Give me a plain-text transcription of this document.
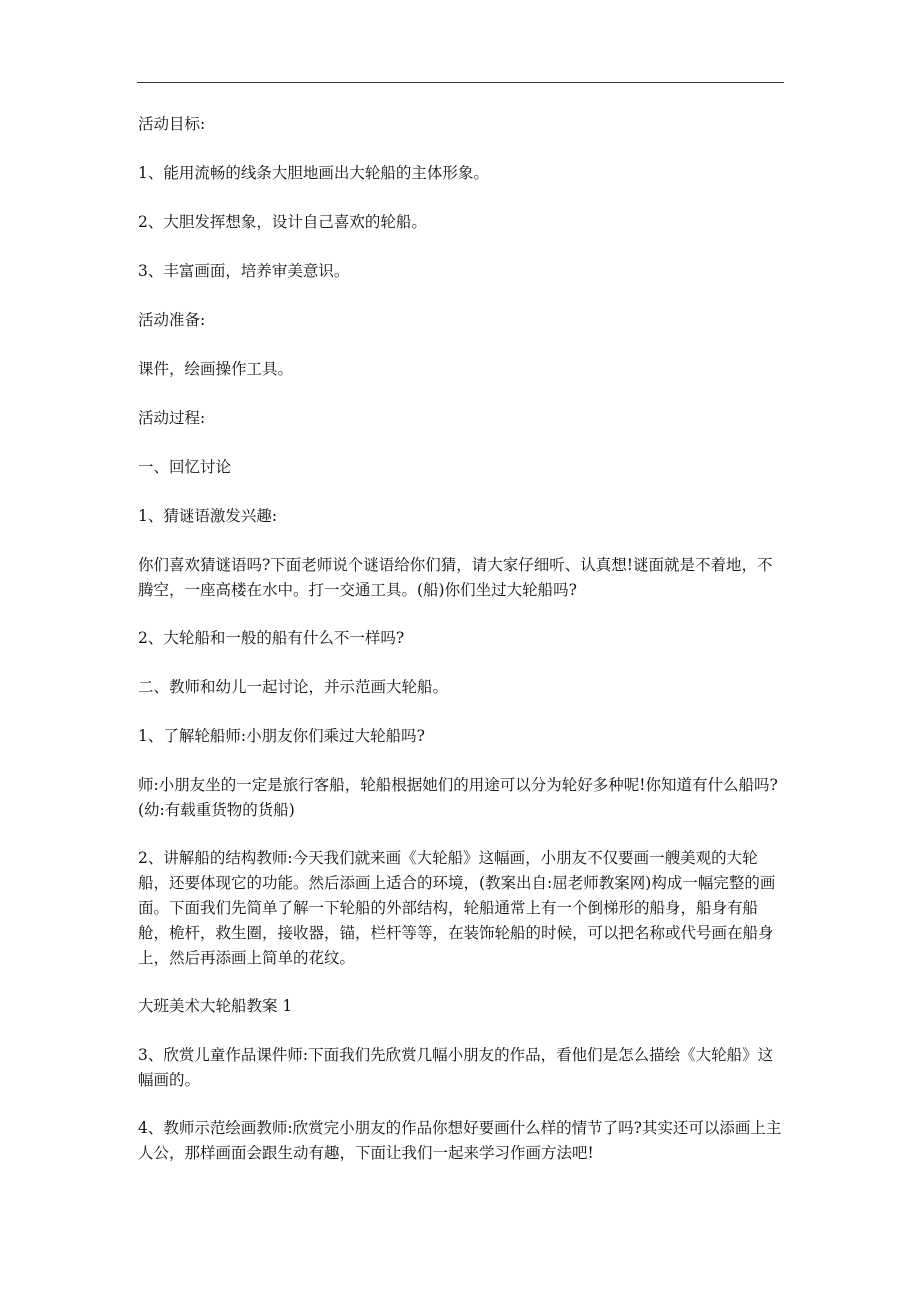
活动目标:

1、能用流畅的线条大胆地画出大轮船的主体形象。

2、大胆发挥想象，设计自己喜欢的轮船。

3、丰富画面，培养审美意识。

活动准备:

课件，绘画操作工具。

活动过程:

一、回忆讨论

1、猜谜语激发兴趣:

你们喜欢猜谜语吗?下面老师说个谜语给你们猜，请大家仔细听、认真想!谜面就是不着地，不腾空，一座高楼在水中。打一交通工具。(船)你们坐过大轮船吗?

2、大轮船和一般的船有什么不一样吗?

二、教师和幼儿一起讨论，并示范画大轮船。

1、了解轮船师:小朋友你们乘过大轮船吗?

师:小朋友坐的一定是旅行客船，轮船根据她们的用途可以分为轮好多种呢!你知道有什么船吗?(幼:有载重货物的货船)

2、讲解船的结构教师:今天我们就来画《大轮船》这幅画，小朋友不仅要画一艘美观的大轮船，还要体现它的功能。然后添画上适合的环境，(教案出自:屈老师教案网)构成一幅完整的画面。下面我们先简单了解一下轮船的外部结构，轮船通常上有一个倒梯形的船身，船身有船舱，桅杆，救生圈，接收器，锚，栏杆等等，在装饰轮船的时候，可以把名称或代号画在船身上，然后再添画上简单的花纹。

大班美术大轮船教案 1

3、欣赏儿童作品课件师:下面我们先欣赏几幅小朋友的作品，看他们是怎么描绘《大轮船》这幅画的。

4、教师示范绘画教师:欣赏完小朋友的作品你想好要画什么样的情节了吗?其实还可以添画上主人公，那样画面会跟生动有趣，下面让我们一起来学习作画方法吧!
